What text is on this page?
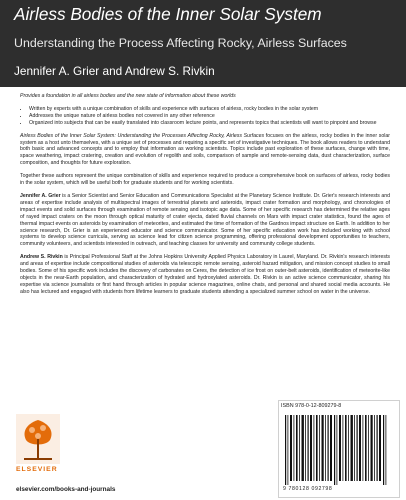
Airless Bodies of the Inner Solar System
Understanding the Process Affecting Rocky, Airless Surfaces
Jennifer A. Grier and Andrew S. Rivkin
Provides a foundation in all airless bodies and the new state of information about these worlds
• Written by experts with a unique combination of skills and experience with surfaces of airless, rocky bodies in the solar system
• Addresses the unique nature of airless bodies not covered in any other reference
• Organized into subjects that can be easily translated into classroom lecture points, and represents topics that scientists will want to pinpoint and browse

Airless Bodies of the Inner Solar System: Understanding the Processes Affecting Rocky, Airless Surfaces focuses on the airless, rocky bodies in the inner solar system as a host unto themselves, with a unique set of processes and requiring a specific set of investigative techniques. The book allows readers to understand both basic and advanced concepts and to employ that information as working scientists. Topics include past exploration of these surfaces, change with time, space weathering, impact cratering, creation and evolution of regolith and soils, comparison of sample and remote-sensing data, dust characterization, surface composition, and thoughts for future exploration.

Together these authors represent the unique combination of skills and experience required to produce a comprehensive book on surfaces of airless, rocky bodies in the solar system, which will be useful both for graduate students and for working scientists.

Jennifer A. Grier is a Senior Scientist and Senior Education and Communications Specialist at the Planetary Science Institute. Dr. Grier's research interests and areas of expertise include analysis of multispectral images of terrestrial planets and asteroids, impact crater formation and morphology, and chronologies of impact events and solid surfaces through examination of remote sensing and isotopic age data. Some of her specific research has determined the relative ages of rayed impact craters on the moon through optical maturity of crater ejecta, dated fluvial channels on Mars with impact crater statistics, found the ages of thermal impact events on asteroids by examination of meteorites, and estimated the time of formation of the Gardnos impact structure on Earth. In addition to her science research, Dr. Grier is an experienced educator and science communicator. Some of her specific education work has included working with school systems to develop science curricula, serving as science lead for citizen science programming, offering professional development opportunities to teachers, community volunteers, and scientists interested in outreach, and teaching classes for university and community college students.

Andrew S. Rivkin is Principal Professional Staff at the Johns Hopkins University Applied Physics Laboratory in Laurel, Maryland. Dr. Rivkin's research interests and areas of expertise include compositional studies of asteroids via telescopic remote sensing, asteroid hazard mitigation, and mission concept studies to small bodies. Some of his specific work includes the discovery of carbonates on Ceres, the detection of ice frost on outer-belt asteroids, identification of meteorite-like objects in the near-Earth population, and characterization of hydrated and hydroxylated asteroids. Dr. Rivkin is an active science communicator, sharing his expertise via science journalists or first hand through articles in popular science magazines, online chats, and personal and shared social media accounts. He also has lectured and engaged with students from lifetime learners to graduate students attending a specialized summer school on water in the universe.

ELSEVIER
elsevier.com/books-and-journals
ISBN 978-0-12-809279-8
9 780128 092798
